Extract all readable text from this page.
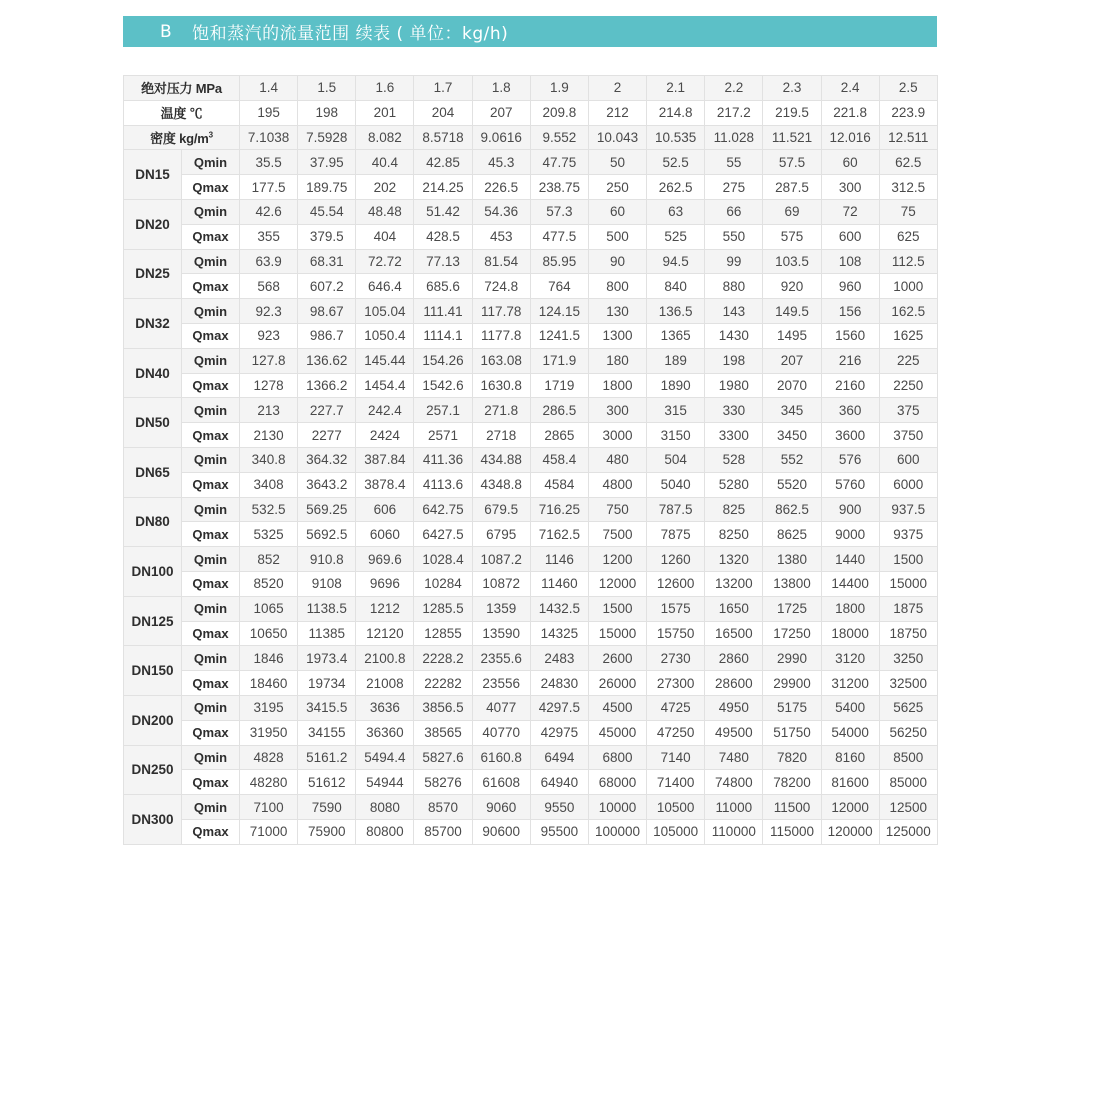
B 饱和蒸汽的流量范围 续表 ( 单位：kg/h)
绝对压力 MPa		1.4	1.5	1.6	1.7	1.8	1.9	2	2.1	2.2	2.3	2.4	2.5
温度 ℃		195	198	201	204	207	209.8	212	214.8	217.2	219.5	221.8	223.9
密度 $kg/m^3$		7.1038	7.5928	8.082	8.5718	9.0616	9.552	10.043	10.535	11.028	11.521	12.016	12.511
DN15	Qmin	35.5	37.95	40.4	42.85	45.3	47.75	50	52.5	55	57.5	60	62.5
	Qmax	177.5	189.75	202	214.25	226.5	238.75	250	262.5	275	287.5	300	312.5
DN20	Qmin	42.6	45.54	48.48	51.42	54.36	57.3	60	63	66	69	72	75
	Qmax	355	379.5	404	428.5	453	477.5	500	525	550	575	600	625
DN25	Qmin	63.9	68.31	72.72	77.13	81.54	85.95	90	94.5	99	103.5	108	112.5
	Qmax	568	607.2	646.4	685.6	724.8	764	800	840	880	920	960	1000
DN32	Qmin	92.3	98.67	105.04	111.41	117.78	124.15	130	136.5	143	149.5	156	162.5
	Qmax	923	986.7	1050.4	1114.1	1177.8	1241.5	1300	1365	1430	1495	1560	1625
DN40	Qmin	127.8	136.62	145.44	154.26	163.08	171.9	180	189	198	207	216	225
	Qmax	1278	1366.2	1454.4	1542.6	1630.8	1719	1800	1890	1980	2070	2160	2250
DN50	Qmin	213	227.7	242.4	257.1	271.8	286.5	300	315	330	345	360	375
	Qmax	2130	2277	2424	2571	2718	2865	3000	3150	3300	3450	3600	3750
DN65	Qmin	340.8	364.32	387.84	411.36	434.88	458.4	480	504	528	552	576	600
	Qmax	3408	3643.2	3878.4	4113.6	4348.8	4584	4800	5040	5280	5520	5760	6000
DN80	Qmin	532.5	569.25	606	642.75	679.5	716.25	750	787.5	825	862.5	900	937.5
	Qmax	5325	5692.5	6060	6427.5	6795	7162.5	7500	7875	8250	8625	9000	9375
DN100	Qmin	852	910.8	969.6	1028.4	1087.2	1146	1200	1260	1320	1380	1440	1500
	Qmax	8520	9108	9696	10284	10872	11460	12000	12600	13200	13800	14400	15000
DN125	Qmin	1065	1138.5	1212	1285.5	1359	1432.5	1500	1575	1650	1725	1800	1875
	Qmax	10650	11385	12120	12855	13590	14325	15000	15750	16500	17250	18000	18750
DN150	Qmin	1846	1973.4	2100.8	2228.2	2355.6	2483	2600	2730	2860	2990	3120	3250
	Qmax	18460	19734	21008	22282	23556	24830	26000	27300	28600	29900	31200	32500
DN200	Qmin	3195	3415.5	3636	3856.5	4077	4297.5	4500	4725	4950	5175	5400	5625
	Qmax	31950	34155	36360	38565	40770	42975	45000	47250	49500	51750	54000	56250
DN250	Qmin	4828	5161.2	5494.4	5827.6	6160.8	6494	6800	7140	7480	7820	8160	8500
	Qmax	48280	51612	54944	58276	61608	64940	68000	71400	74800	78200	81600	85000
DN300	Qmin	7100	7590	8080	8570	9060	9550	10000	10500	11000	11500	12000	12500
	Qmax	71000	75900	80800	85700	90600	95500	100000	105000	110000	115000	120000	125000
